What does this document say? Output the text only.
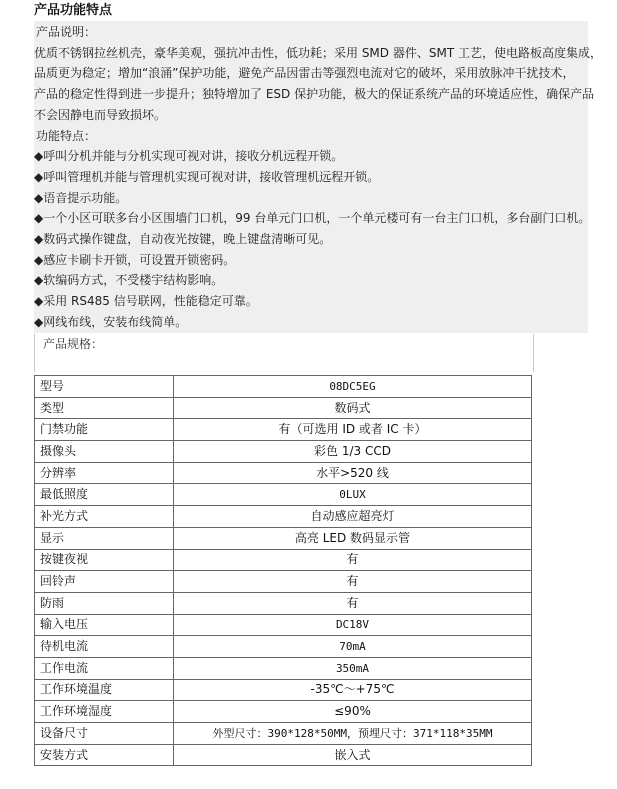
产品功能特点
产品说明：
优质不锈钢拉丝机壳，豪华美观，强抗冲击性，低功耗；采用 SMD 器件、SMT 工艺，使电路板高度集成，
品质更为稳定；增加“浪涌”保护功能，避免产品因雷击等强烈电流对它的破坏，采用放脉冲干扰技术，
产品的稳定性得到进一步提升；独特增加了 ESD 保护功能，极大的保证系统产品的环境适应性，确保产品
不会因静电而导致损坏。
功能特点：
◆呼叫分机并能与分机实现可视对讲，接收分机远程开锁。
◆呼叫管理机并能与管理机实现可视对讲，接收管理机远程开锁。
◆语音提示功能。
◆一个小区可联多台小区围墙门口机，99 台单元门口机，一个单元楼可有一台主门口机，多台副门口机。
◆数码式操作键盘，自动夜光按键，晚上键盘清晰可见。
◆感应卡刷卡开锁，可设置开锁密码。
◆软编码方式，不受楼宇结构影响。
◆采用 RS485 信号联网，性能稳定可靠。
◆网线布线，安装布线简单。
产品规格：
型号	08DC5EG
类型	数码式
门禁功能	有（可选用 ID 或者 IC 卡）
摄像头	彩色 1/3 CCD
分辨率	水平>520 线
最低照度	0LUX
补光方式	自动感应超亮灯
显示	高亮 LED 数码显示管
按键夜视	有
回铃声	有
防雨	有
输入电压	DC18V
待机电流	70mA
工作电流	350mA
工作环境温度	-35℃～+75℃
工作环境湿度	≤90%
设备尺寸	外型尺寸：390*128*50MM，预埋尺寸：371*118*35MM
安装方式	嵌入式
